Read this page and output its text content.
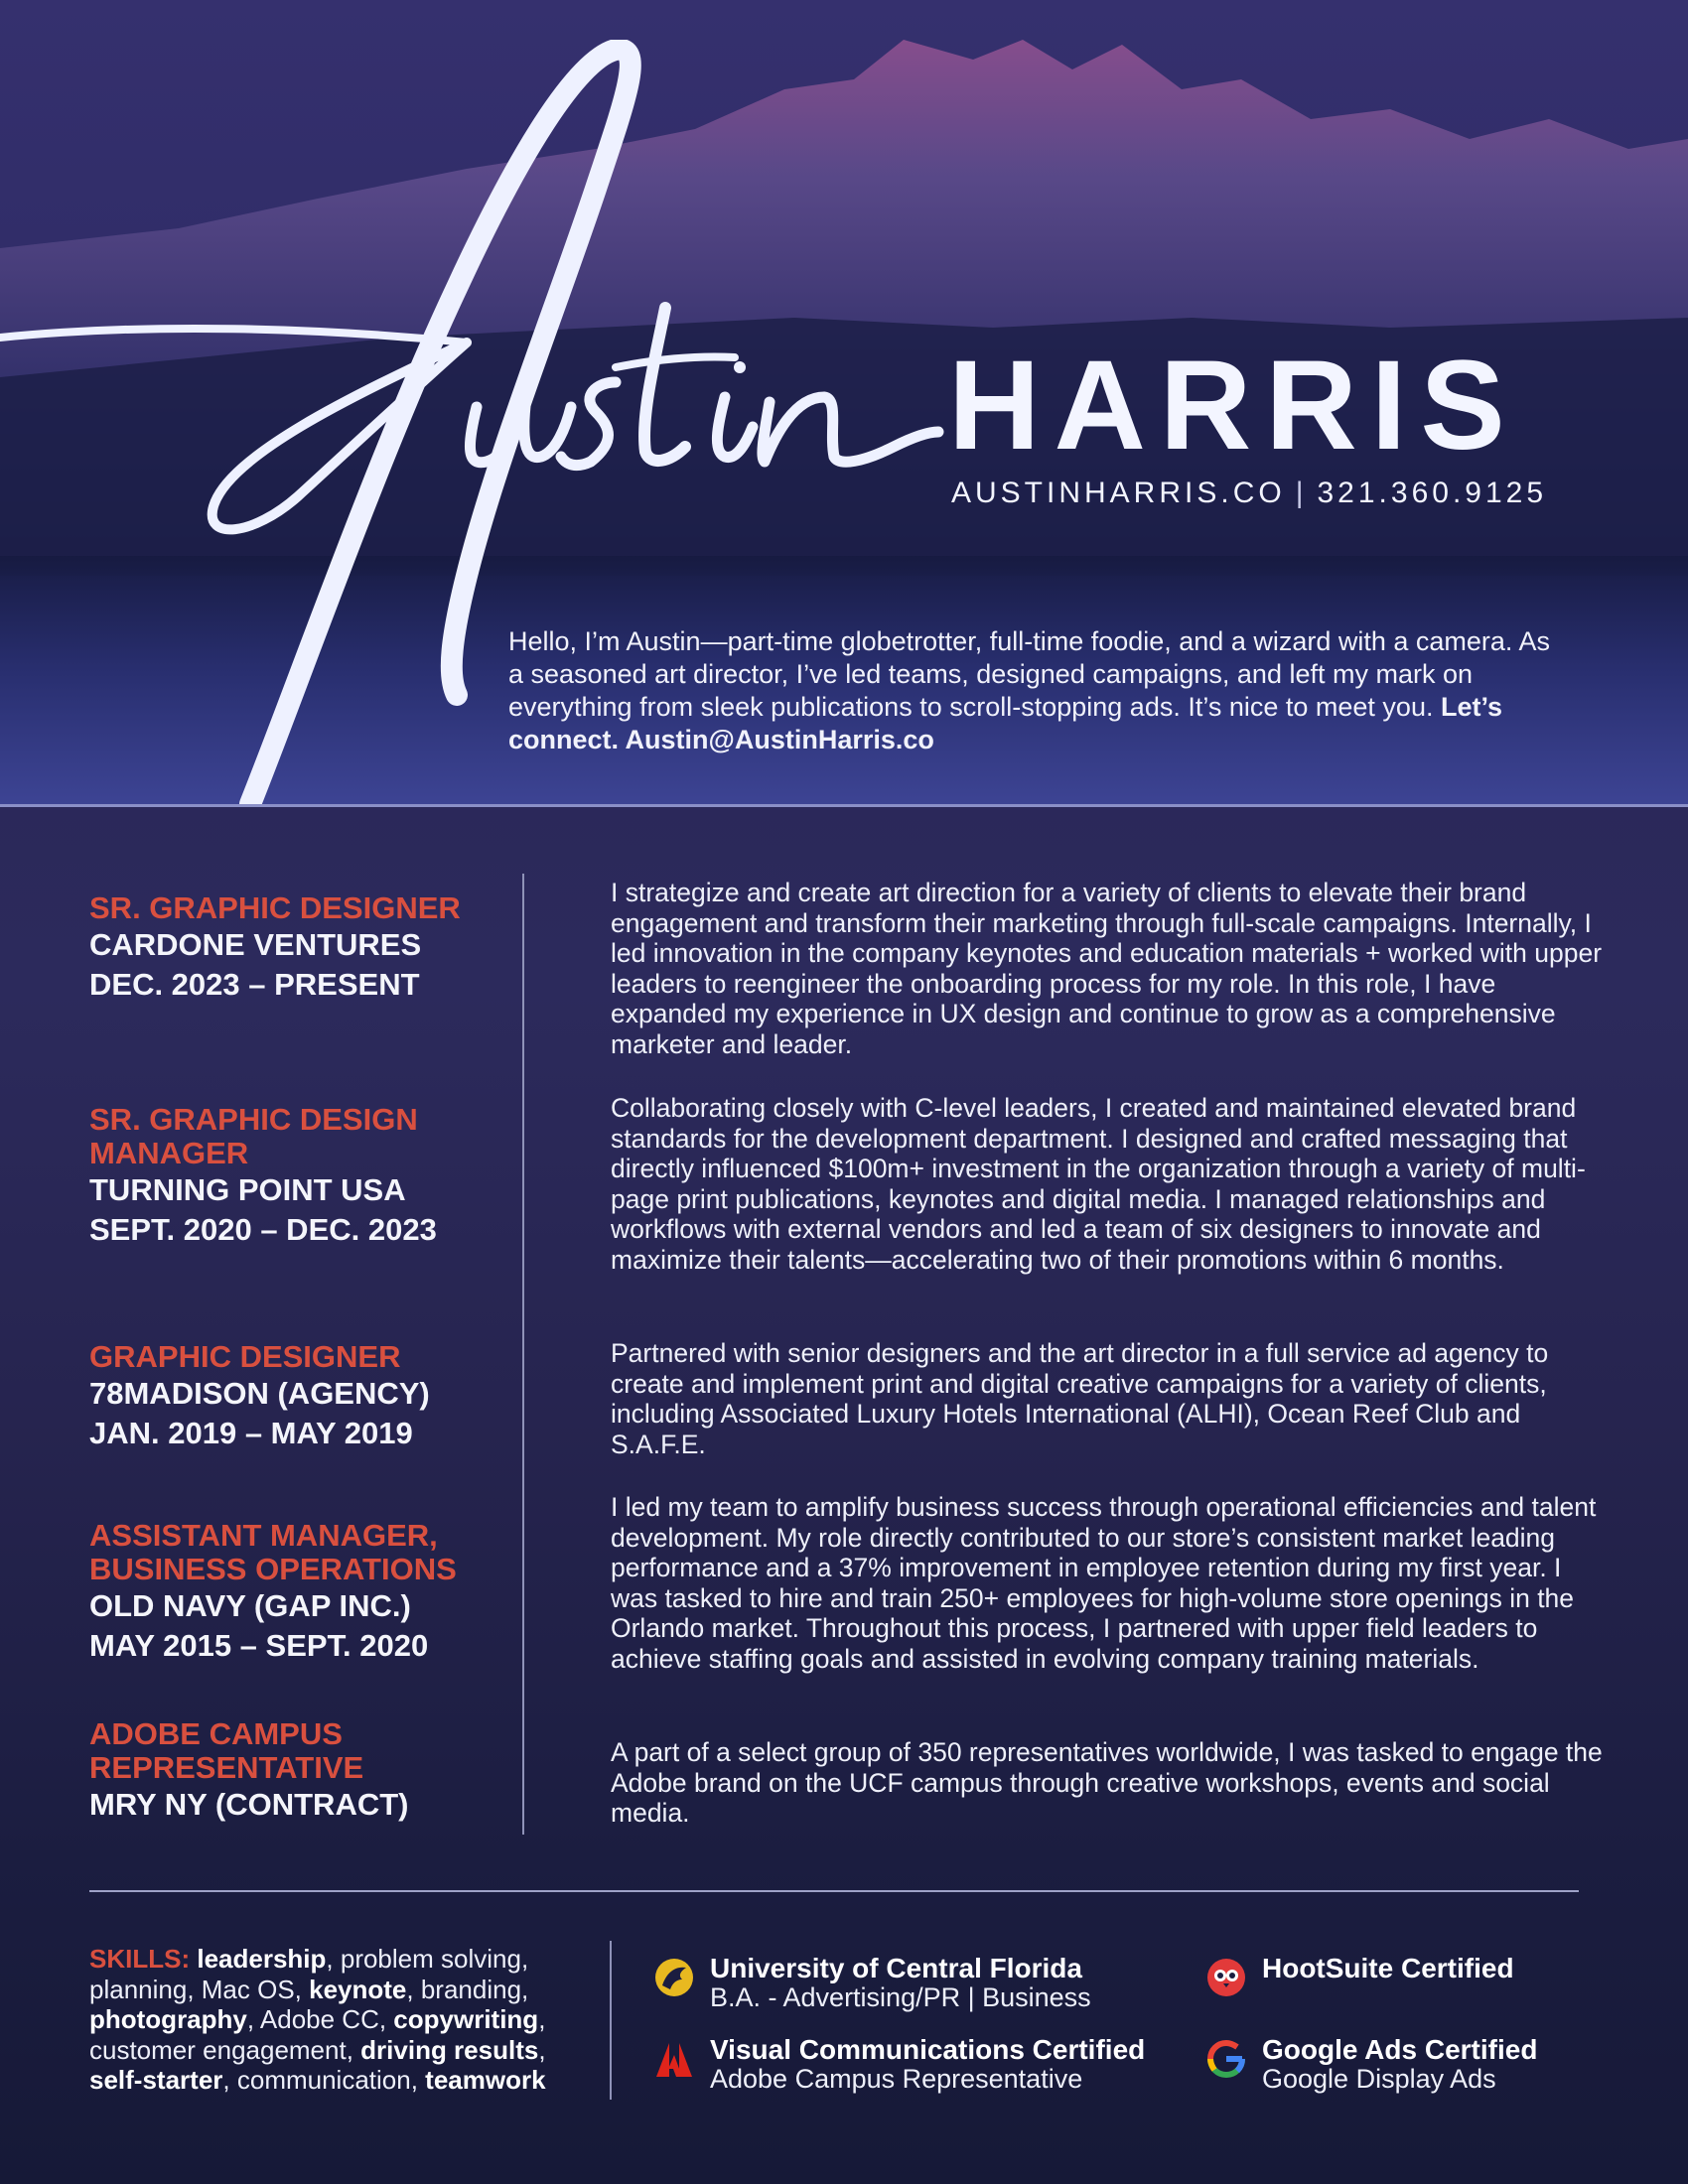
HARRIS
AUSTINHARRIS.CO | 321.360.9125
Hello, I’m Austin—part-time globetrotter, full-time foodie, and a wizard with a camera. As a seasoned art director, I’ve led teams, designed campaigns, and left my mark on everything from sleek publications to scroll-stopping ads. It’s nice to meet you. Let’s connect. Austin@AustinHarris.co
SR. GRAPHIC DESIGNER
CARDONE VENTURES
DEC. 2023 – PRESENT
I strategize and create art direction for a variety of clients to elevate their brand engagement and transform their marketing through full-scale campaigns. Internally, I led innovation in the company keynotes and education materials + worked with upper leaders to reengineer the onboarding process for my role. In this role, I have expanded my experience in UX design and continue to grow as a comprehensive marketer and leader.
SR. GRAPHIC DESIGN MANAGER
TURNING POINT USA
SEPT. 2020 – DEC. 2023
Collaborating closely with C-level leaders, I created and maintained elevated brand standards for the development department. I designed and crafted messaging that directly influenced $100m+ investment in the organization through a variety of multi-page print publications, keynotes and digital media. I managed relationships and workflows with external vendors and led a team of six designers to innovate and maximize their talents—accelerating two of their promotions within 6 months.
GRAPHIC DESIGNER
78MADISON (AGENCY)
JAN. 2019 – MAY 2019
Partnered with senior designers and the art director in a full service ad agency to create and implement print and digital creative campaigns for a variety of clients, including Associated Luxury Hotels International (ALHI), Ocean Reef Club and S.A.F.E.
ASSISTANT MANAGER, BUSINESS OPERATIONS
OLD NAVY (GAP INC.)
MAY 2015 – SEPT. 2020
I led my team to amplify business success through operational efficiencies and talent development. My role directly contributed to our store’s consistent market leading performance and a 37% improvement in employee retention during my first year. I was tasked to hire and train 250+ employees for high-volume store openings in the Orlando market. Throughout this process, I partnered with upper field leaders to achieve staffing goals and assisted in evolving company training materials.
ADOBE CAMPUS REPRESENTATIVE
MRY NY (CONTRACT)
A part of a select group of 350 representatives worldwide, I was tasked to engage the Adobe brand on the UCF campus through creative workshops, events and social media.
SKILLS: leadership, problem solving, planning, Mac OS, keynote, branding, photography, Adobe CC, copywriting, customer engagement, driving results, self-starter, communication, teamwork
University of Central Florida
B.A. - Advertising/PR | Business
Visual Communications Certified
Adobe Campus Representative
HootSuite Certified
Google Ads Certified
Google Display Ads
